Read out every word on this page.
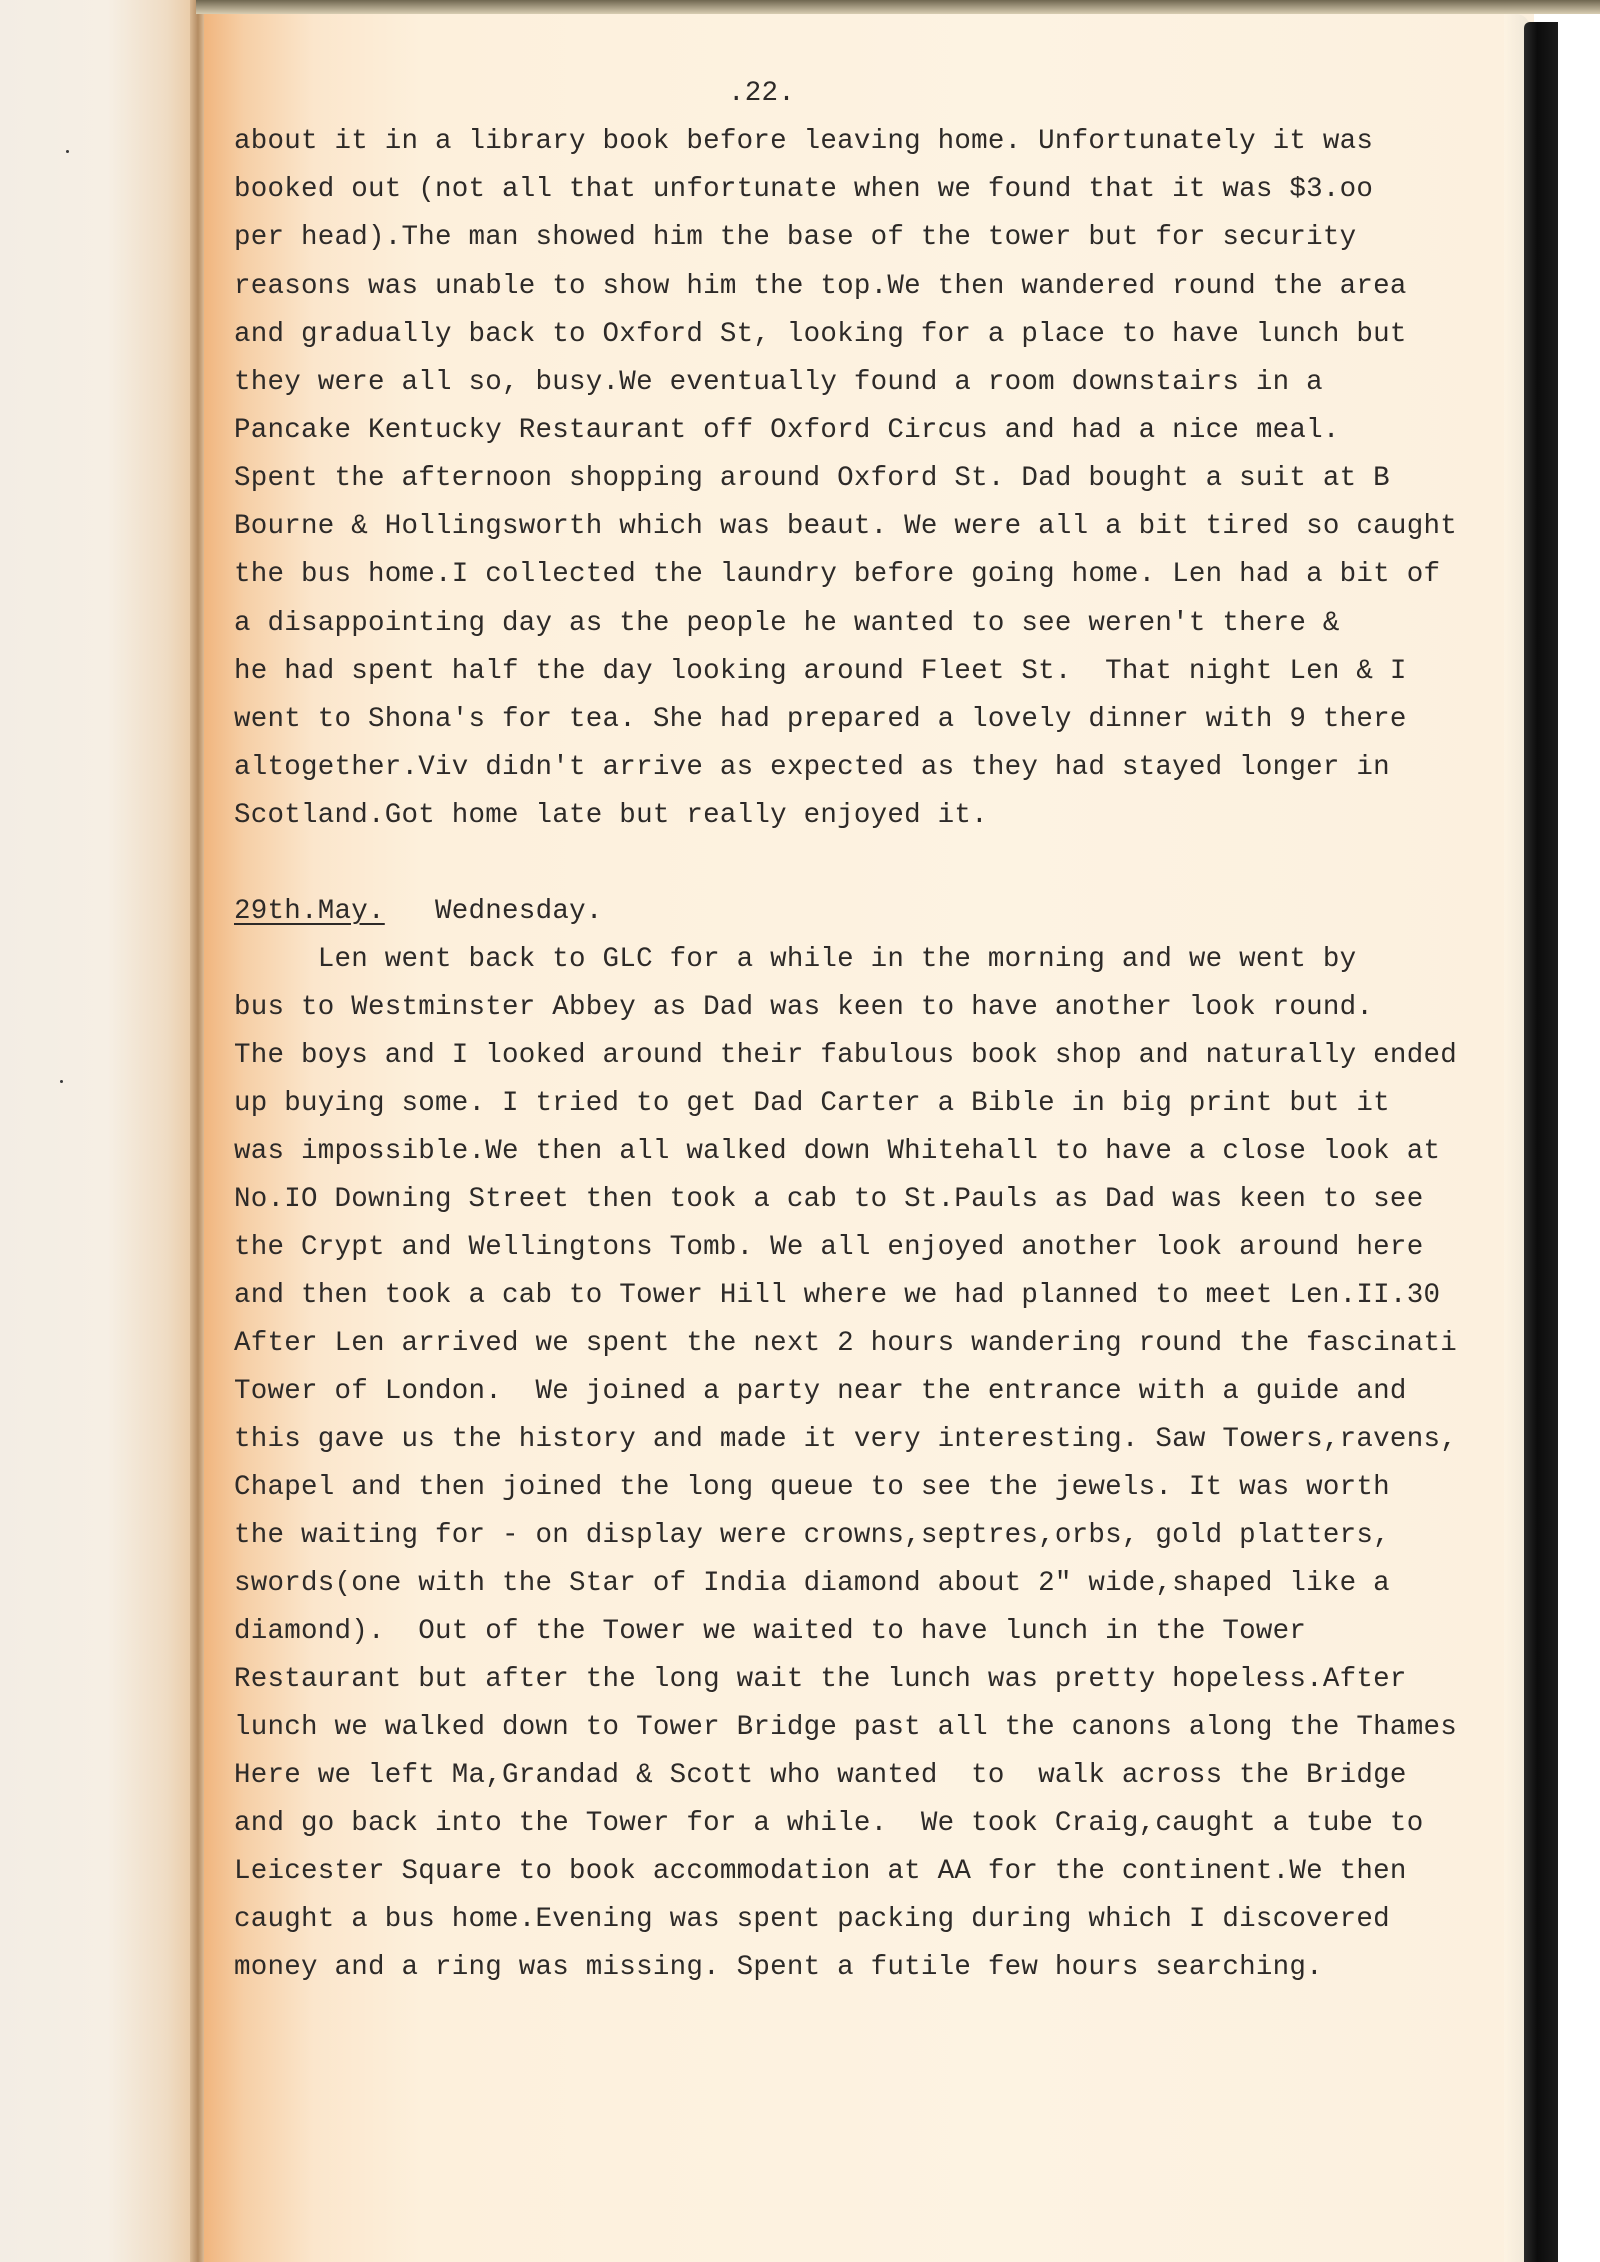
.22.

about it in a library book before leaving home. Unfortunately it was

booked out (not all that unfortunate when we found that it was $3.oo

per head).The man showed him the base of the tower but for security

reasons was unable to show him the top.We then wandered round the area

and gradually back to Oxford St, looking for a place to have lunch but

they were all so, busy.We eventually found a room downstairs in a

Pancake Kentucky Restaurant off Oxford Circus and had a nice meal.

Spent the afternoon shopping around Oxford St. Dad bought a suit at B

Bourne & Hollingsworth which was beaut. We were all a bit tired so caught

the bus home.I collected the laundry before going home. Len had a bit of

a disappointing day as the people he wanted to see weren't there &

he had spent half the day looking around Fleet St.  That night Len & I

went to Shona's for tea. She had prepared a lovely dinner with 9 there

altogether.Viv didn't arrive as expected as they had stayed longer in

Scotland.Got home late but really enjoyed it.

29th.May. Wednesday.

Len went back to GLC for a while in the morning and we went by

bus to Westminster Abbey as Dad was keen to have another look round.

The boys and I looked around their fabulous book shop and naturally ended

up buying some. I tried to get Dad Carter a Bible in big print but it

was impossible.We then all walked down Whitehall to have a close look at

No.IO Downing Street then took a cab to St.Pauls as Dad was keen to see

the Crypt and Wellingtons Tomb. We all enjoyed another look around here

and then took a cab to Tower Hill where we had planned to meet Len.II.30

After Len arrived we spent the next 2 hours wandering round the fascinati

Tower of London.  We joined a party near the entrance with a guide and

this gave us the history and made it very interesting. Saw Towers,ravens,

Chapel and then joined the long queue to see the jewels. It was worth

the waiting for - on display were crowns,septres,orbs, gold platters,

swords(one with the Star of India diamond about 2" wide,shaped like a

diamond).  Out of the Tower we waited to have lunch in the Tower

Restaurant but after the long wait the lunch was pretty hopeless.After

lunch we walked down to Tower Bridge past all the canons along the Thames

Here we left Ma,Grandad & Scott who wanted  to  walk across the Bridge

and go back into the Tower for a while.  We took Craig,caught a tube to

Leicester Square to book accommodation at AA for the continent.We then

caught a bus home.Evening was spent packing during which I discovered

money and a ring was missing. Spent a futile few hours searching.
